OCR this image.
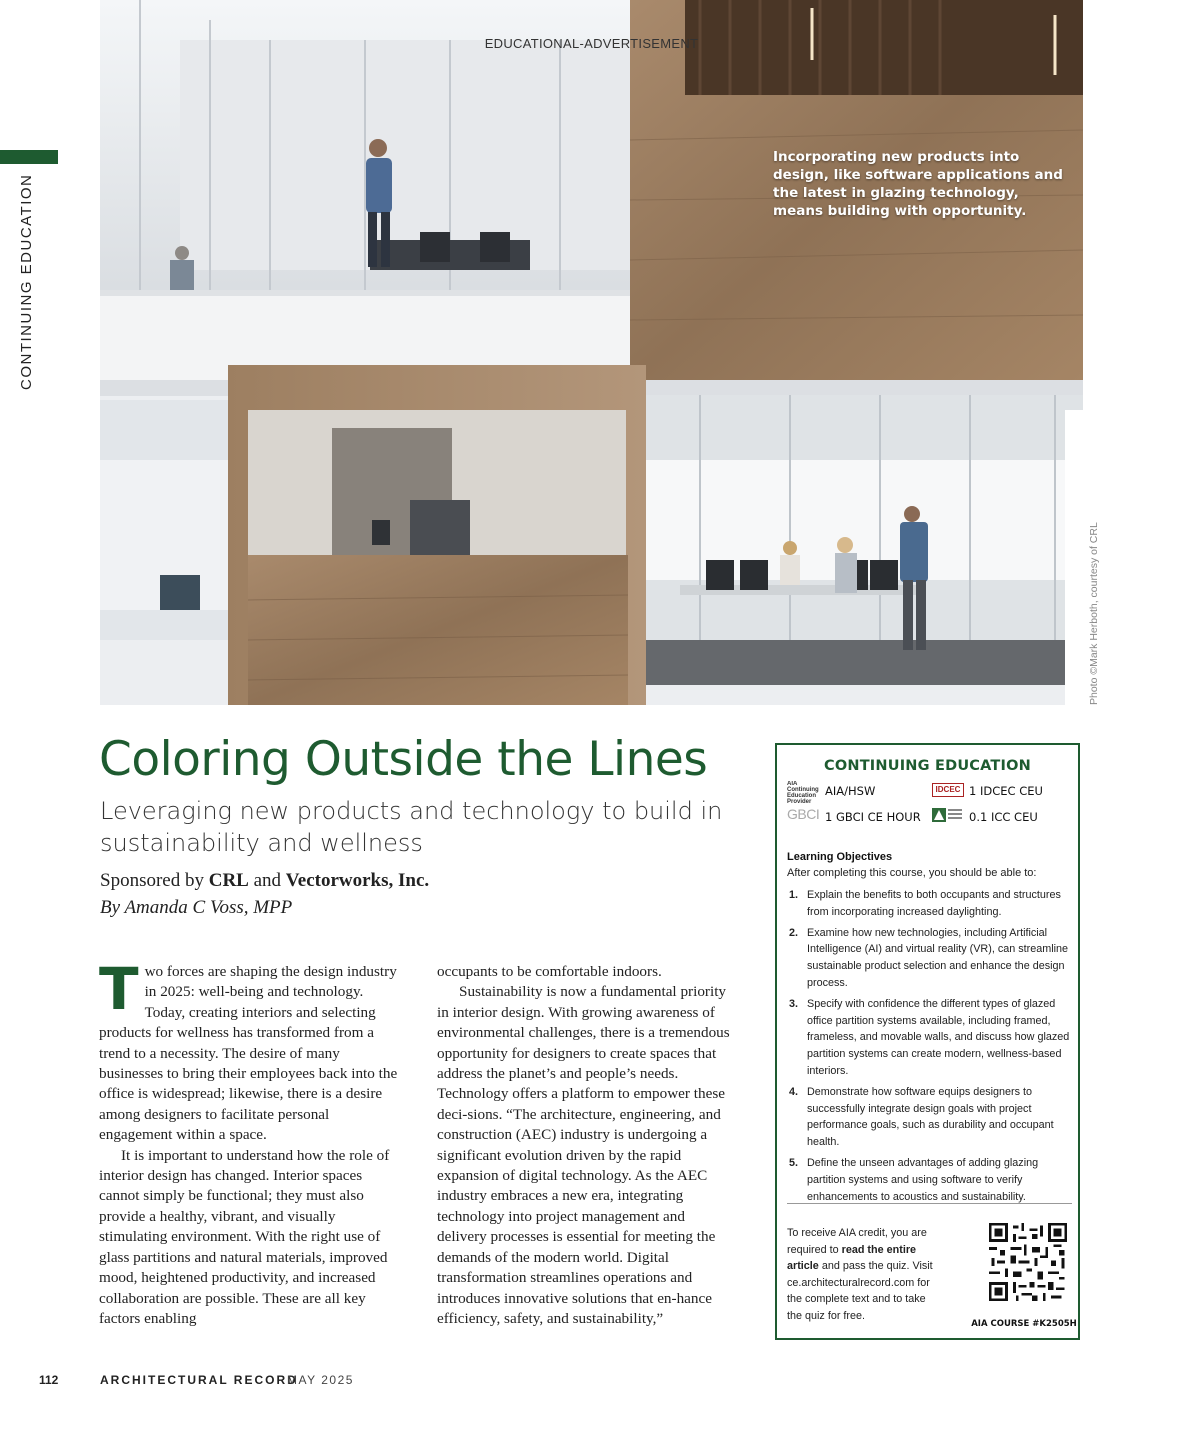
CONTINUING EDUCATION
EDUCATIONAL-ADVERTISEMENT
Incorporating new products into design, like software applications and the latest in glazing technology, means building with opportunity.
Photo ©Mark Herboth, courtesy of CRL
Coloring Outside the Lines
Leveraging new products and technology to build in sustainability and wellness
Sponsored by CRL and Vectorworks, Inc.
By Amanda C Voss, MPP
T wo forces are shaping the design industry in 2025: well-being and technology. Today, creating interiors and selecting products for wellness has transformed from a trend to a necessity. The desire of many businesses to bring their employees back into the office is widespread; likewise, there is a desire among designers to facilitate personal engagement within a space.

It is important to understand how the role of interior design has changed. Interior spaces cannot simply be functional; they must also provide a healthy, vibrant, and visually stimulating environment. With the right use of glass partitions and natural materials, improved mood, heightened productivity, and increased collaboration are possible. These are all key factors enabling

occupants to be comfortable indoors.

Sustainability is now a fundamental priority in interior design. With growing awareness of environmental challenges, there is a tremendous opportunity for designers to create spaces that address the planet’s and people’s needs. Technology offers a platform to empower these deci-sions. “The architecture, engineering, and construction (AEC) industry is undergoing a significant evolution driven by the rapid expansion of digital technology. As the AEC industry embraces a new era, integrating technology into project management and delivery processes is essential for meeting the demands of the modern world. Digital transformation streamlines operations and introduces innovative solutions that en-hance efficiency, safety, and sustainability,”

CONTINUING EDUCATION
AIA Continuing Education Provider
AIA/HSW	IDCEC 1 IDCEC CEU
GBCI 1 GBCI CE HOUR	0.1 ICC CEU
Learning Objectives
After completing this course, you should be able to:
1. Explain the benefits to both occupants and structures from incorporating increased daylighting.
2. Examine how new technologies, including Artificial Intelligence (AI) and virtual reality (VR), can streamline sustainable product selection and enhance the design process.
3. Specify with confidence the different types of glazed office partition systems available, including framed, frameless, and movable walls, and discuss how glazed partition systems can create modern, wellness-based interiors.
4. Demonstrate how software equips designers to successfully integrate design goals with project performance goals, such as durability and occupant health.
5. Define the unseen advantages of adding glazing partition systems and using software to verify enhancements to acoustics and sustainability.
To receive AIA credit, you are required to read the entire article and pass the quiz. Visit ce.architecturalrecord.com for the complete text and to take the quiz for free.
AIA COURSE #K2505H
112	ARCHITECTURAL RECORD
MAY 2025
